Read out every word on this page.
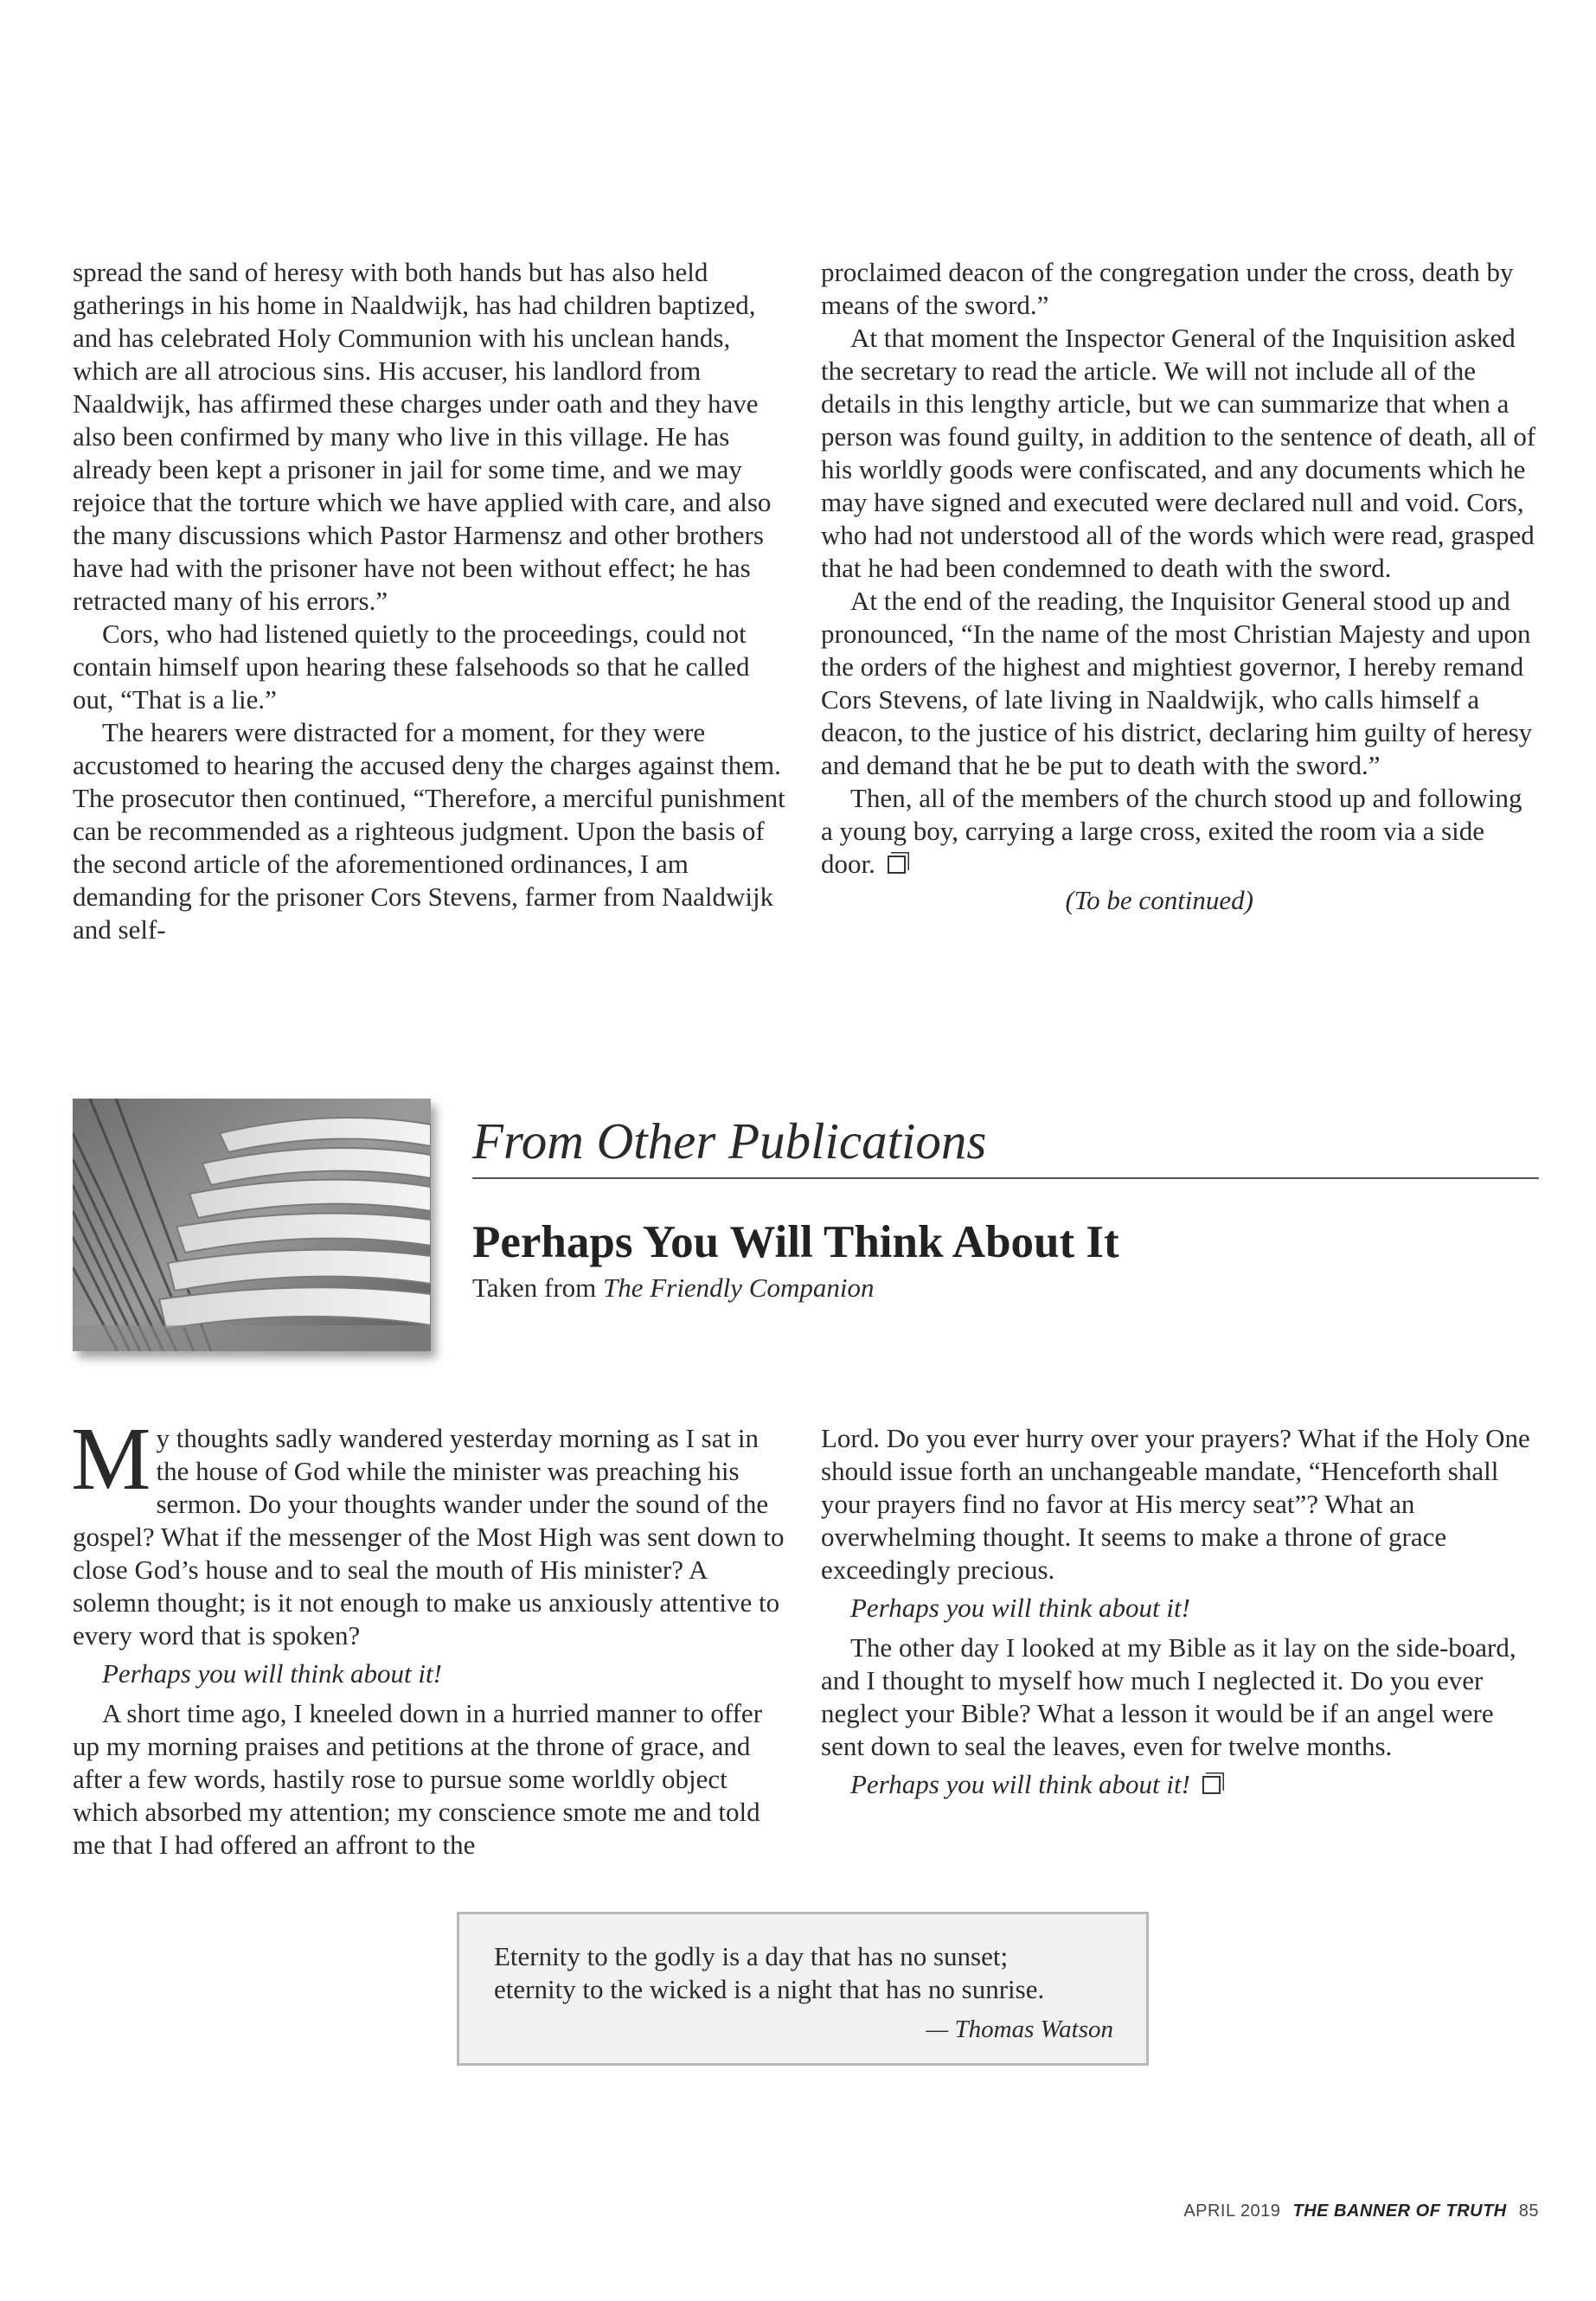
spread the sand of heresy with both hands but has also held gatherings in his home in Naaldwijk, has had children baptized, and has celebrated Holy Communion with his unclean hands, which are all atrocious sins. His accuser, his landlord from Naaldwijk, has affirmed these charges under oath and they have also been confirmed by many who live in this village. He has already been kept a prisoner in jail for some time, and we may rejoice that the torture which we have applied with care, and also the many discussions which Pastor Harmensz and other brothers have had with the prisoner have not been without effect; he has retracted many of his errors.”

Cors, who had listened quietly to the proceedings, could not contain himself upon hearing these falsehoods so that he called out, “That is a lie.”

The hearers were distracted for a moment, for they were accustomed to hearing the accused deny the charges against them. The prosecutor then continued, “Therefore, a merciful punishment can be recommended as a righteous judgment. Upon the basis of the second article of the aforementioned ordinances, I am demanding for the prisoner Cors Stevens, farmer from Naaldwijk and self-

proclaimed deacon of the congregation under the cross, death by means of the sword.”

At that moment the Inspector General of the Inquisition asked the secretary to read the article. We will not include all of the details in this lengthy article, but we can summarize that when a person was found guilty, in addition to the sentence of death, all of his worldly goods were confiscated, and any documents which he may have signed and executed were declared null and void. Cors, who had not understood all of the words which were read, grasped that he had been condemned to death with the sword.

At the end of the reading, the Inquisitor General stood up and pronounced, “In the name of the most Christian Majesty and upon the orders of the highest and mightiest governor, I hereby remand Cors Stevens, of late living in Naaldwijk, who calls himself a deacon, to the justice of his district, declaring him guilty of heresy and demand that he be put to death with the sword.”

Then, all of the members of the church stood up and following a young boy, carrying a large cross, exited the room via a side door.

(To be continued)

From Other Publications
Perhaps You Will Think About It
Taken from The Friendly Companion

My thoughts sadly wandered yesterday morning as I sat in the house of God while the minister was preaching his sermon. Do your thoughts wander under the sound of the gospel? What if the messenger of the Most High was sent down to close God’s house and to seal the mouth of His minister? A solemn thought; is it not enough to make us anxiously attentive to every word that is spoken?

Perhaps you will think about it!

A short time ago, I kneeled down in a hurried manner to offer up my morning praises and petitions at the throne of grace, and after a few words, hastily rose to pursue some worldly object which absorbed my attention; my conscience smote me and told me that I had offered an affront to the

Lord. Do you ever hurry over your prayers? What if the Holy One should issue forth an unchangeable mandate, “Henceforth shall your prayers find no favor at His mercy seat”? What an overwhelming thought. It seems to make a throne of grace exceedingly precious.

Perhaps you will think about it!

The other day I looked at my Bible as it lay on the side-board, and I thought to myself how much I neglected it. Do you ever neglect your Bible? What a lesson it would be if an angel were sent down to seal the leaves, even for twelve months.

Perhaps you will think about it!

Eternity to the godly is a day that has no sunset;
eternity to the wicked is a night that has no sunrise.
— Thomas Watson
APRIL 2019 THE BANNER OF TRUTH 85
